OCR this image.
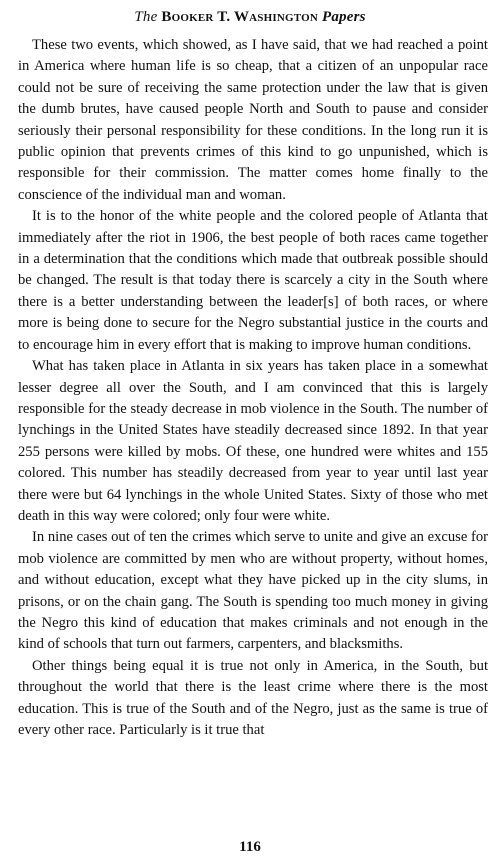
The Booker T. Washington Papers

These two events, which showed, as I have said, that we had reached a point in America where human life is so cheap, that a citizen of an unpopular race could not be sure of receiving the same protection under the law that is given the dumb brutes, have caused people North and South to pause and consider seriously their personal responsibility for these conditions. In the long run it is public opinion that prevents crimes of this kind to go unpunished, which is responsible for their commission. The matter comes home finally to the conscience of the individual man and woman.

It is to the honor of the white people and the colored people of Atlanta that immediately after the riot in 1906, the best people of both races came together in a determination that the conditions which made that outbreak possible should be changed. The result is that today there is scarcely a city in the South where there is a better understanding between the leader[s] of both races, or where more is being done to secure for the Negro substantial justice in the courts and to encourage him in every effort that is making to improve human conditions.

What has taken place in Atlanta in six years has taken place in a somewhat lesser degree all over the South, and I am convinced that this is largely responsible for the steady decrease in mob violence in the South. The number of lynchings in the United States have steadily decreased since 1892. In that year 255 persons were killed by mobs. Of these, one hundred were whites and 155 colored. This number has steadily decreased from year to year until last year there were but 64 lynchings in the whole United States. Sixty of those who met death in this way were colored; only four were white.

In nine cases out of ten the crimes which serve to unite and give an excuse for mob violence are committed by men who are without property, without homes, and without education, except what they have picked up in the city slums, in prisons, or on the chain gang. The South is spending too much money in giving the Negro this kind of education that makes criminals and not enough in the kind of schools that turn out farmers, carpenters, and blacksmiths.

Other things being equal it is true not only in America, in the South, but throughout the world that there is the least crime where there is the most education. This is true of the South and of the Negro, just as the same is true of every other race. Particularly is it true that

116
